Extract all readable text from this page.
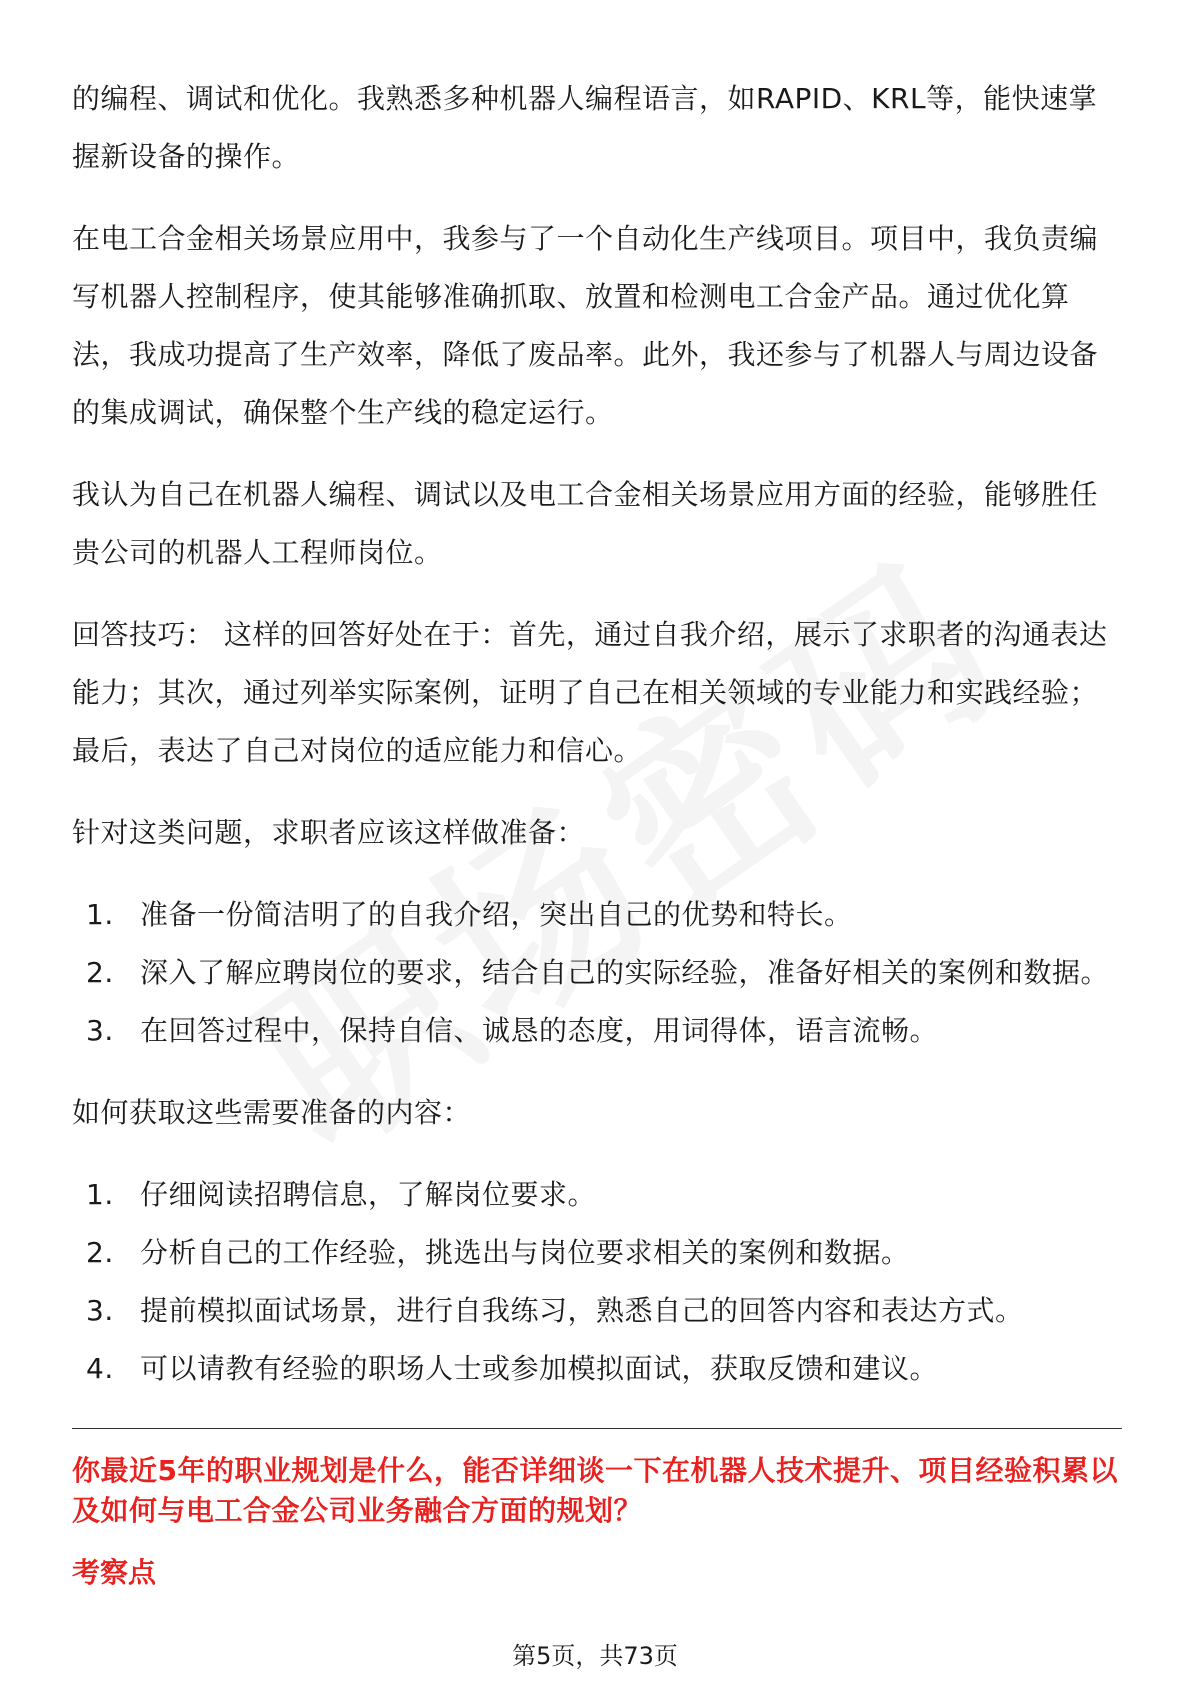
的编程、调试和优化。我熟悉多种机器人编程语言，如RAPID、KRL等，能快速掌握新设备的操作。

在电工合金相关场景应用中，我参与了一个自动化生产线项目。项目中，我负责编写机器人控制程序，使其能够准确抓取、放置和检测电工合金产品。通过优化算法，我成功提高了生产效率，降低了废品率。此外，我还参与了机器人与周边设备的集成调试，确保整个生产线的稳定运行。

我认为自己在机器人编程、调试以及电工合金相关场景应用方面的经验，能够胜任贵公司的机器人工程师岗位。

回答技巧： 这样的回答好处在于：首先，通过自我介绍，展示了求职者的沟通表达能力；其次，通过列举实际案例，证明了自己在相关领域的专业能力和实践经验；最后，表达了自己对岗位的适应能力和信心。

针对这类问题，求职者应该这样做准备：

1. 准备一份简洁明了的自我介绍，突出自己的优势和特长。
2. 深入了解应聘岗位的要求，结合自己的实际经验，准备好相关的案例和数据。
3. 在回答过程中，保持自信、诚恳的态度，用词得体，语言流畅。

如何获取这些需要准备的内容：

1. 仔细阅读招聘信息，了解岗位要求。
2. 分析自己的工作经验，挑选出与岗位要求相关的案例和数据。
3. 提前模拟面试场景，进行自我练习，熟悉自己的回答内容和表达方式。
4. 可以请教有经验的职场人士或参加模拟面试，获取反馈和建议。

你最近5年的职业规划是什么，能否详细谈一下在机器人技术提升、项目经验积累以及如何与电工合金公司业务融合方面的规划？

考察点

第5页，共73页
